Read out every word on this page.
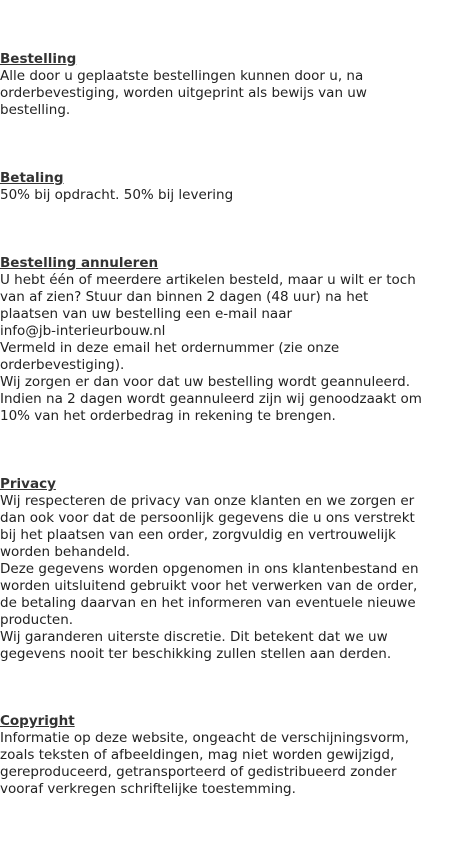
Bestelling
Alle door u geplaatste bestellingen kunnen door u, na
orderbevestiging, worden uitgeprint als bewijs van uw
bestelling.
Betaling
50% bij opdracht. 50% bij levering
Bestelling annuleren
U hebt één of meerdere artikelen besteld, maar u wilt er toch
van af zien? Stuur dan binnen 2 dagen (48 uur) na het
plaatsen van uw bestelling een e-mail naar
info@jb-interieurbouw.nl
Vermeld in deze email het ordernummer (zie onze
orderbevestiging).
Wij zorgen er dan voor dat uw bestelling wordt geannuleerd.
Indien na 2 dagen wordt geannuleerd zijn wij genoodzaakt om
10% van het orderbedrag in rekening te brengen.
Privacy
Wij respecteren de privacy van onze klanten en we zorgen er
dan ook voor dat de persoonlijk gegevens die u ons verstrekt
bij het plaatsen van een order, zorgvuldig en vertrouwelijk
worden behandeld.
Deze gegevens worden opgenomen in ons klantenbestand en
worden uitsluitend gebruikt voor het verwerken van de order,
de betaling daarvan en het informeren van eventuele nieuwe
producten.
Wij garanderen uiterste discretie. Dit betekent dat we uw
gegevens nooit ter beschikking zullen stellen aan derden.
Copyright
Informatie op deze website, ongeacht de verschijningsvorm,
zoals teksten of afbeeldingen, mag niet worden gewijzigd,
gereproduceerd, getransporteerd of gedistribueerd zonder
vooraf verkregen schriftelijke toestemming.
